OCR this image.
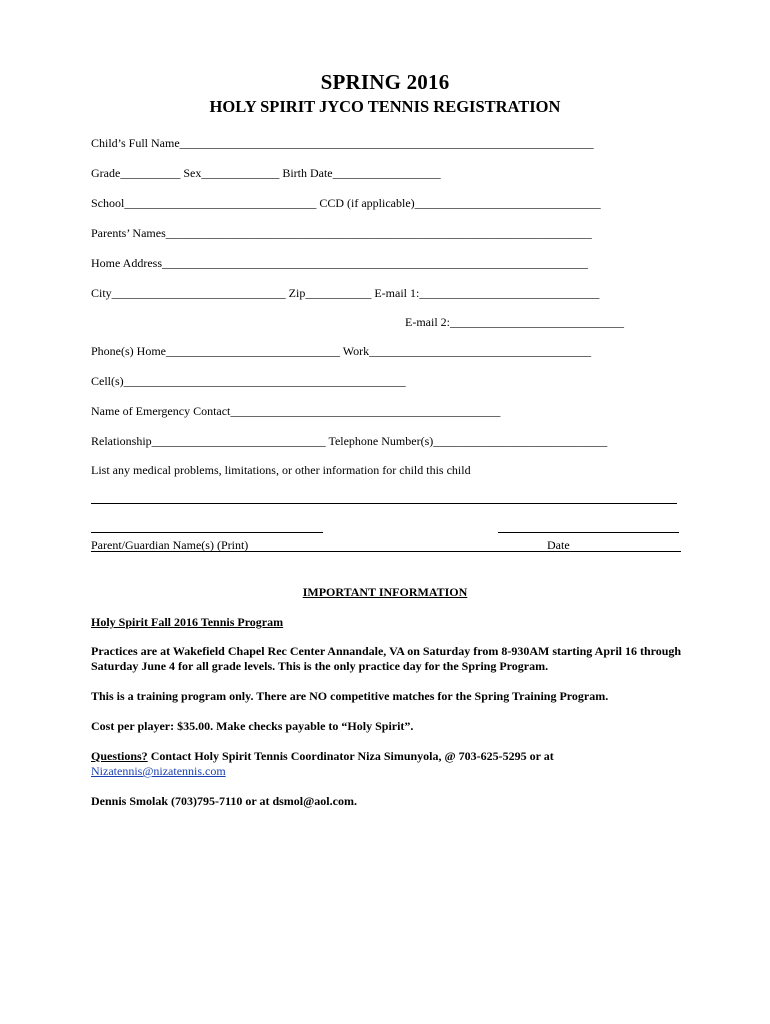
SPRING 2016
HOLY SPIRIT JYCO TENNIS REGISTRATION
Child’s Full Name_____________________________________________________________________
Grade__________ Sex_____________ Birth Date__________________
School________________________________ CCD (if applicable)_______________________________
Parents’ Names_______________________________________________________________________
Home Address_______________________________________________________________________
City_____________________________ Zip___________ E-mail 1:______________________________
E-mail 2:_____________________________
Phone(s) Home_____________________________ Work_____________________________________
Cell(s)_______________________________________________
Name of Emergency Contact_____________________________________________
Relationship_____________________________ Telephone Number(s)_____________________________
List any medical problems, limitations, or other information for child this child
Parent/Guardian Name(s) (Print)	Date
IMPORTANT INFORMATION
Holy Spirit Fall 2016 Tennis Program
Practices are at Wakefield Chapel Rec Center Annandale, VA on Saturday from 8-930AM starting April 16 through Saturday June 4 for all grade levels. This is the only practice day for the Spring Program.
This is a training program only. There are NO competitive matches for the Spring Training Program.
Cost per player: $35.00. Make checks payable to “Holy Spirit”.
Questions? Contact Holy Spirit Tennis Coordinator Niza Simunyola, @ 703-625-5295 or at
Nizatennis@nizatennis.com
Dennis Smolak (703)795-7110 or at dsmol@aol.com.
